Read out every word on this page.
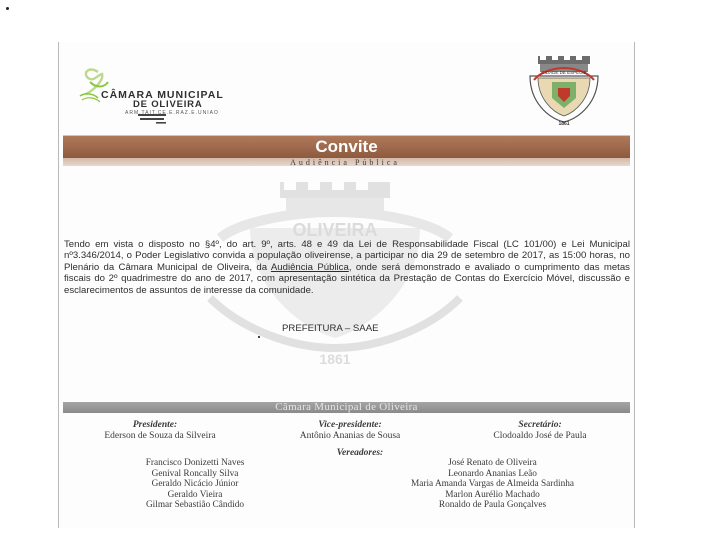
CÂMARA MUNICIPAL
DE OLIVEIRA
ARM.TAIT.CE.E.RAZ.E.UNIAO
CIDADE DE ESPECIE
1861
Convite
Audiência Pública
OLIVEIRA
1861
Tendo em vista o disposto no §4º, do art. 9º, arts. 48 e 49 da Lei de Responsabilidade Fiscal (LC 101/00) e Lei Municipal nº3.346/2014, o Poder Legislativo convida a população oliveirense, a participar no dia 29 de setembro de 2017, as 15:00 horas, no Plenário da Câmara Municipal de Oliveira, da Audiência Pública, onde será demonstrado e avaliado o cumprimento das metas fiscais do 2º quadrimestre do ano de 2017, com apresentação sintética da Prestação de Contas do Exercício Móvel, discussão e esclarecimentos de assuntos de interesse da comunidade.
PREFEITURA – SAAE
Câmara Municipal de Oliveira
Presidente:
Ederson de Souza da Silveira
Vice-presidente:
Antônio Ananias de Sousa
Secretário:
Clodoaldo José de Paula
Vereadores:
Francisco Donizetti Naves
Genival Roncally Silva
Geraldo Nicácio Júnior
Geraldo Vieira
Gilmar Sebastião Cândido
José Renato de Oliveira
Leonardo Ananias Leão
Maria Amanda Vargas de Almeida Sardinha
Marlon Aurélio Machado
Ronaldo de Paula Gonçalves
